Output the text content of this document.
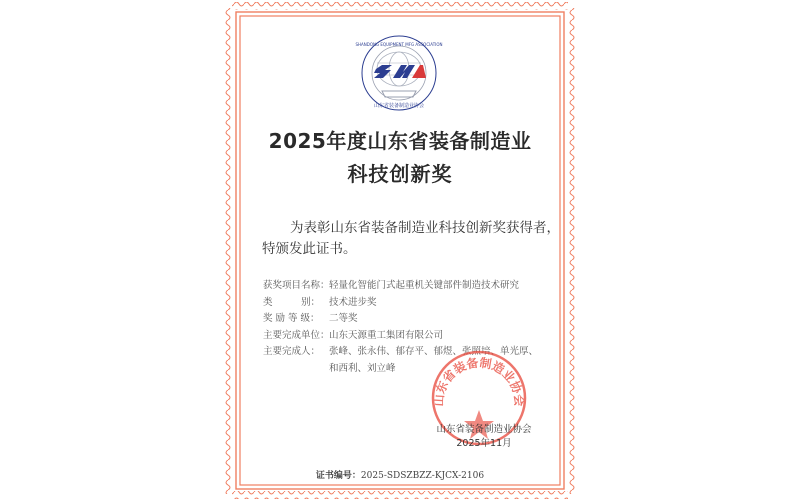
SHANDONG EQUIPMENT MFG ASSOCIATION
山东省装备制造业协会
2025年度山东省装备制造业
科技创新奖
为表彰山东省装备制造业科技创新奖获得者，
特颁发此证书。
获奖项目名称： 轻量化智能门式起重机关键部件制造技术研究
类　　　别： 技术进步奖
奖 励 等 级： 二等奖
主要完成单位： 山东天源重工集团有限公司
主要完成人： 张峰、张永伟、郁存平、郁煜、张照培、单光厚、
和西利、刘立峰
山东省装备制造业协会
山东省装备制造业协会
2025年11月
证书编号：2025-SDSZBZZ-KJCX-2106
